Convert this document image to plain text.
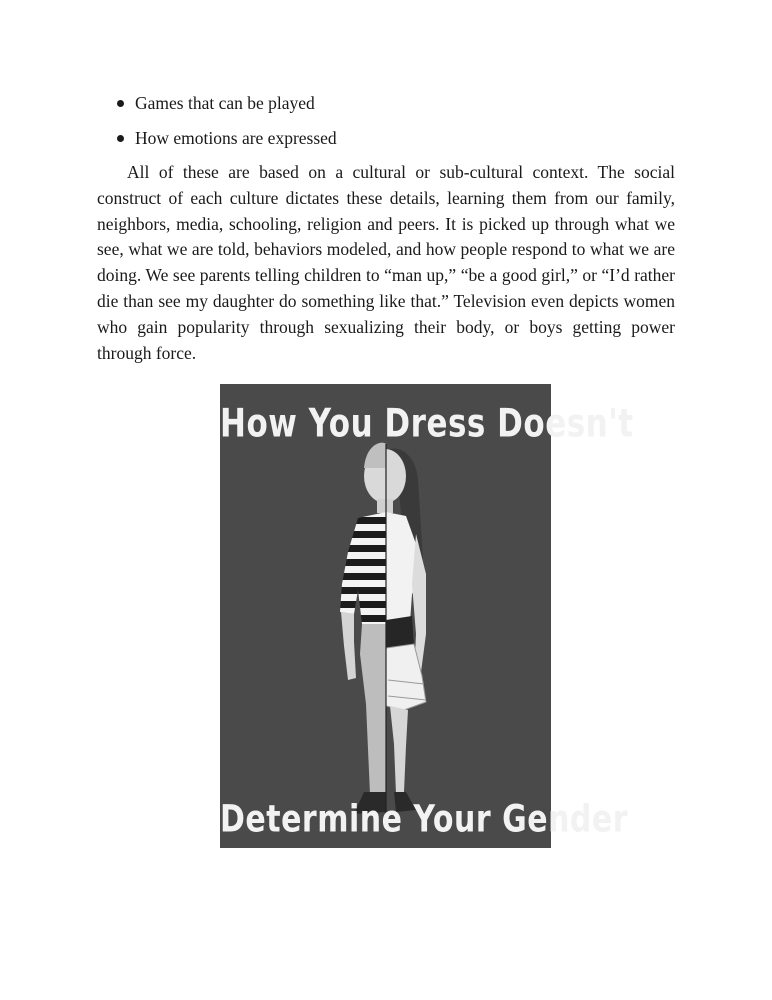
Games that can be played
How emotions are expressed

All of these are based on a cultural or sub-cultural context. The social construct of each culture dictates these details, learning them from our family, neighbors, media, schooling, religion and peers. It is picked up through what we see, what we are told, behaviors modeled, and how people respond to what we are doing. We see parents telling children to “man up,” “be a good girl,” or “I’d rather die than see my daughter do something like that.” Television even depicts women who gain popularity through sexualizing their body, or boys getting power through force.

How You Dress Doesn't
Determine Your Gender
